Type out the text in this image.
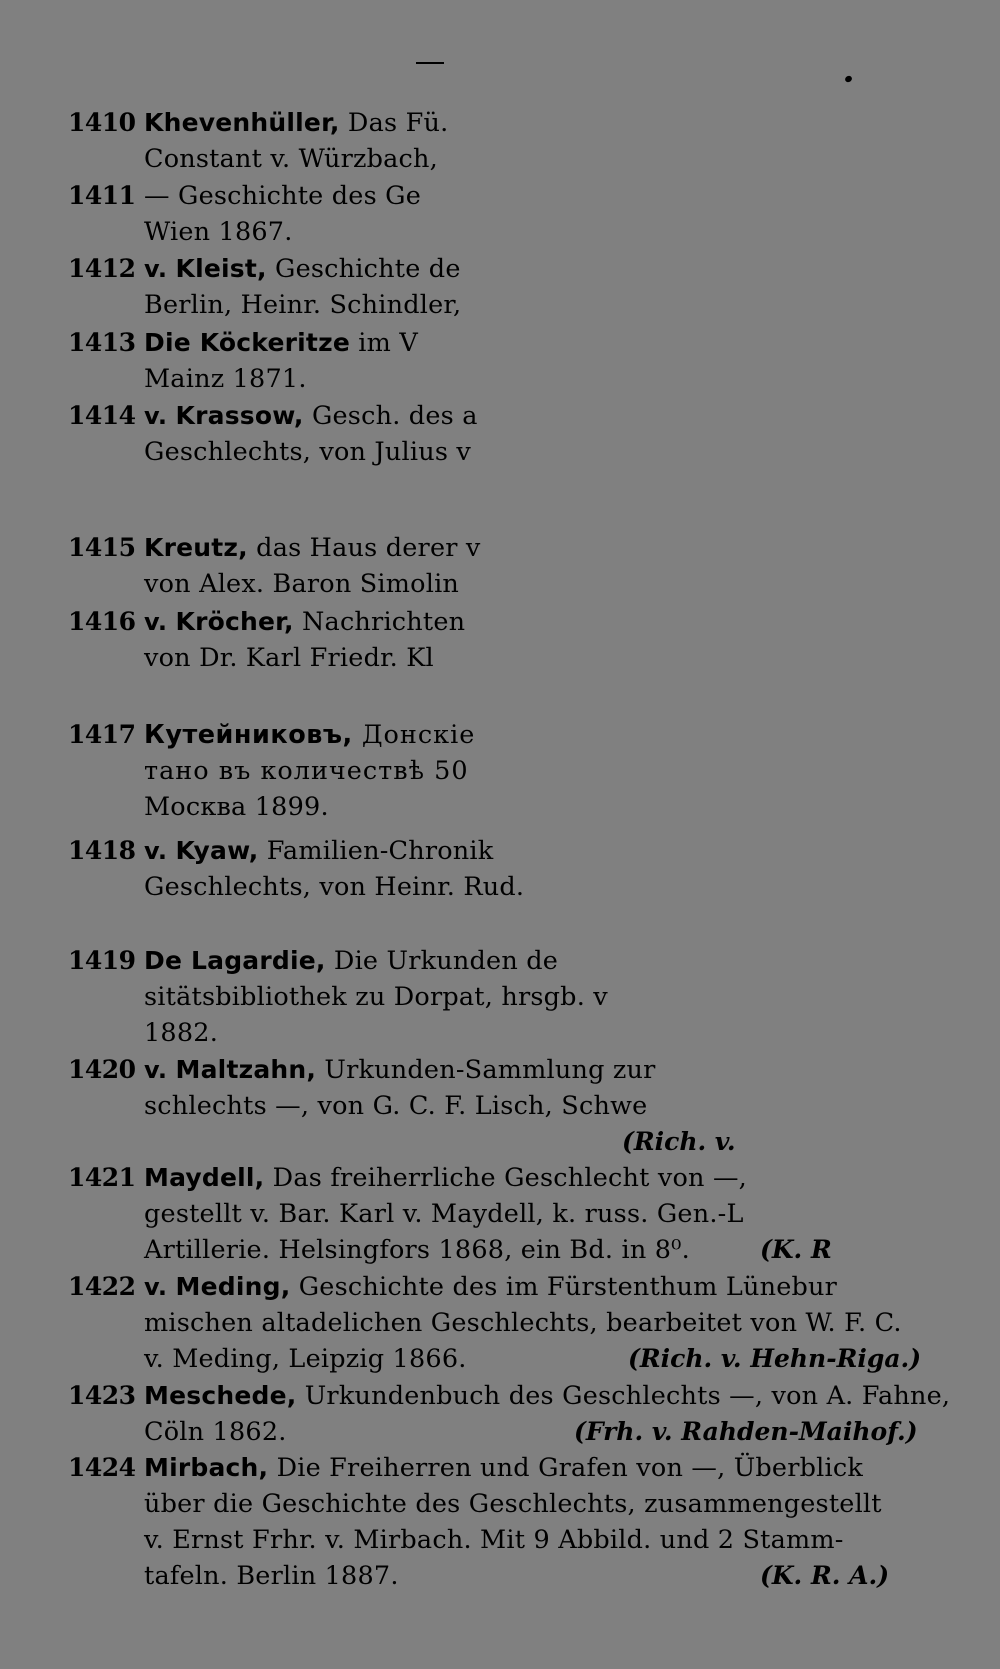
1410 Khevenhüller, Das Fü.
Constant v. Würzbach,
1411 — Geschichte des Ge
Wien 1867.
1412 v. Kleist, Geschichte de
Berlin, Heinr. Schindler,
1413 Die Köckeritze im V
Mainz 1871.
1414 v. Krassow, Gesch. des a
Geschlechts, von Julius v
1415 Kreutz, das Haus derer v
von Alex. Baron Simolin
1416 v. Kröcher, Nachrichten
von Dr. Karl Friedr. Kl
1417 Кутейниковъ, Донскiе
тано въ количествѣ 50
Москва 1899.
1418 v. Kyaw, Familien-Chronik
Geschlechts, von Heinr. Rud.
1419 De Lagardie, Die Urkunden de
sitätsbibliothek zu Dorpat, hrsgb. v
1882.
1420 v. Maltzahn, Urkunden-Sammlung zur
schlechts —, von G. C. F. Lisch, Schwe
(Rich. v.
1421 Maydell, Das freiherrliche Geschlecht von —,
gestellt v. Bar. Karl v. Maydell, k. russ. Gen.-L
Artillerie. Helsingfors 1868, ein Bd. in 8⁰.	(K. R
1422 v. Meding, Geschichte des im Fürstenthum Lünebur
mischen altadelichen Geschlechts, bearbeitet von W. F. C.
v. Meding, Leipzig 1866.	(Rich. v. Hehn-Riga.)
1423 Meschede, Urkundenbuch des Geschlechts —, von A. Fahne,
Cöln 1862.	(Frh. v. Rahden-Maihof.)
1424 Mirbach, Die Freiherren und Grafen von —, Überblick
über die Geschichte des Geschlechts, zusammengestellt
v. Ernst Frhr. v. Mirbach. Mit 9 Abbild. und 2 Stamm-
tafeln. Berlin 1887.	(K. R. A.)
